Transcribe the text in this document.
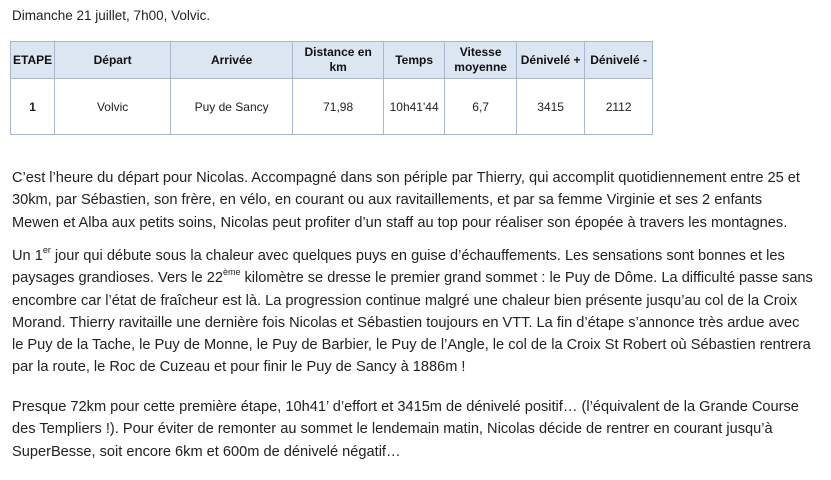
Dimanche 21 juillet, 7h00, Volvic.
ETAPE	Départ	Arrivée	Distance en km	Temps	Vitesse moyenne	Dénivelé +	Dénivelé -
1	Volvic	Puy de Sancy	71,98	10h41'44	6,7	3415	2112
C’est l’heure du départ pour Nicolas. Accompagné dans son périple par Thierry, qui accomplit quotidiennement entre 25 et
30km, par Sébastien, son frère, en vélo, en courant ou aux ravitaillements, et par sa femme Virginie et ses 2 enfants
Mewen et Alba aux petits soins, Nicolas peut profiter d’un staff au top pour réaliser son épopée à travers les montagnes.
Un 1er jour qui débute sous la chaleur avec quelques puys en guise d’échauffements. Les sensations sont bonnes et les
paysages grandioses. Vers le 22ème kilomètre se dresse le premier grand sommet : le Puy de Dôme. La difficulté passe sans
encombre car l’état de fraîcheur est là. La progression continue malgré une chaleur bien présente jusqu’au col de la Croix
Morand. Thierry ravitaille une dernière fois Nicolas et Sébastien toujours en VTT. La fin d’étape s’annonce très ardue avec
le Puy de la Tache, le Puy de Monne, le Puy de Barbier, le Puy de l’Angle, le col de la Croix St Robert où Sébastien rentrera
par la route, le Roc de Cuzeau et pour finir le Puy de Sancy à 1886m !
Presque 72km pour cette première étape, 10h41’ d’effort et 3415m de dénivelé positif… (l’équivalent de la Grande Course
des Templiers !). Pour éviter de remonter au sommet le lendemain matin, Nicolas décide de rentrer en courant jusqu’à
SuperBesse, soit encore 6km et 600m de dénivelé négatif…
